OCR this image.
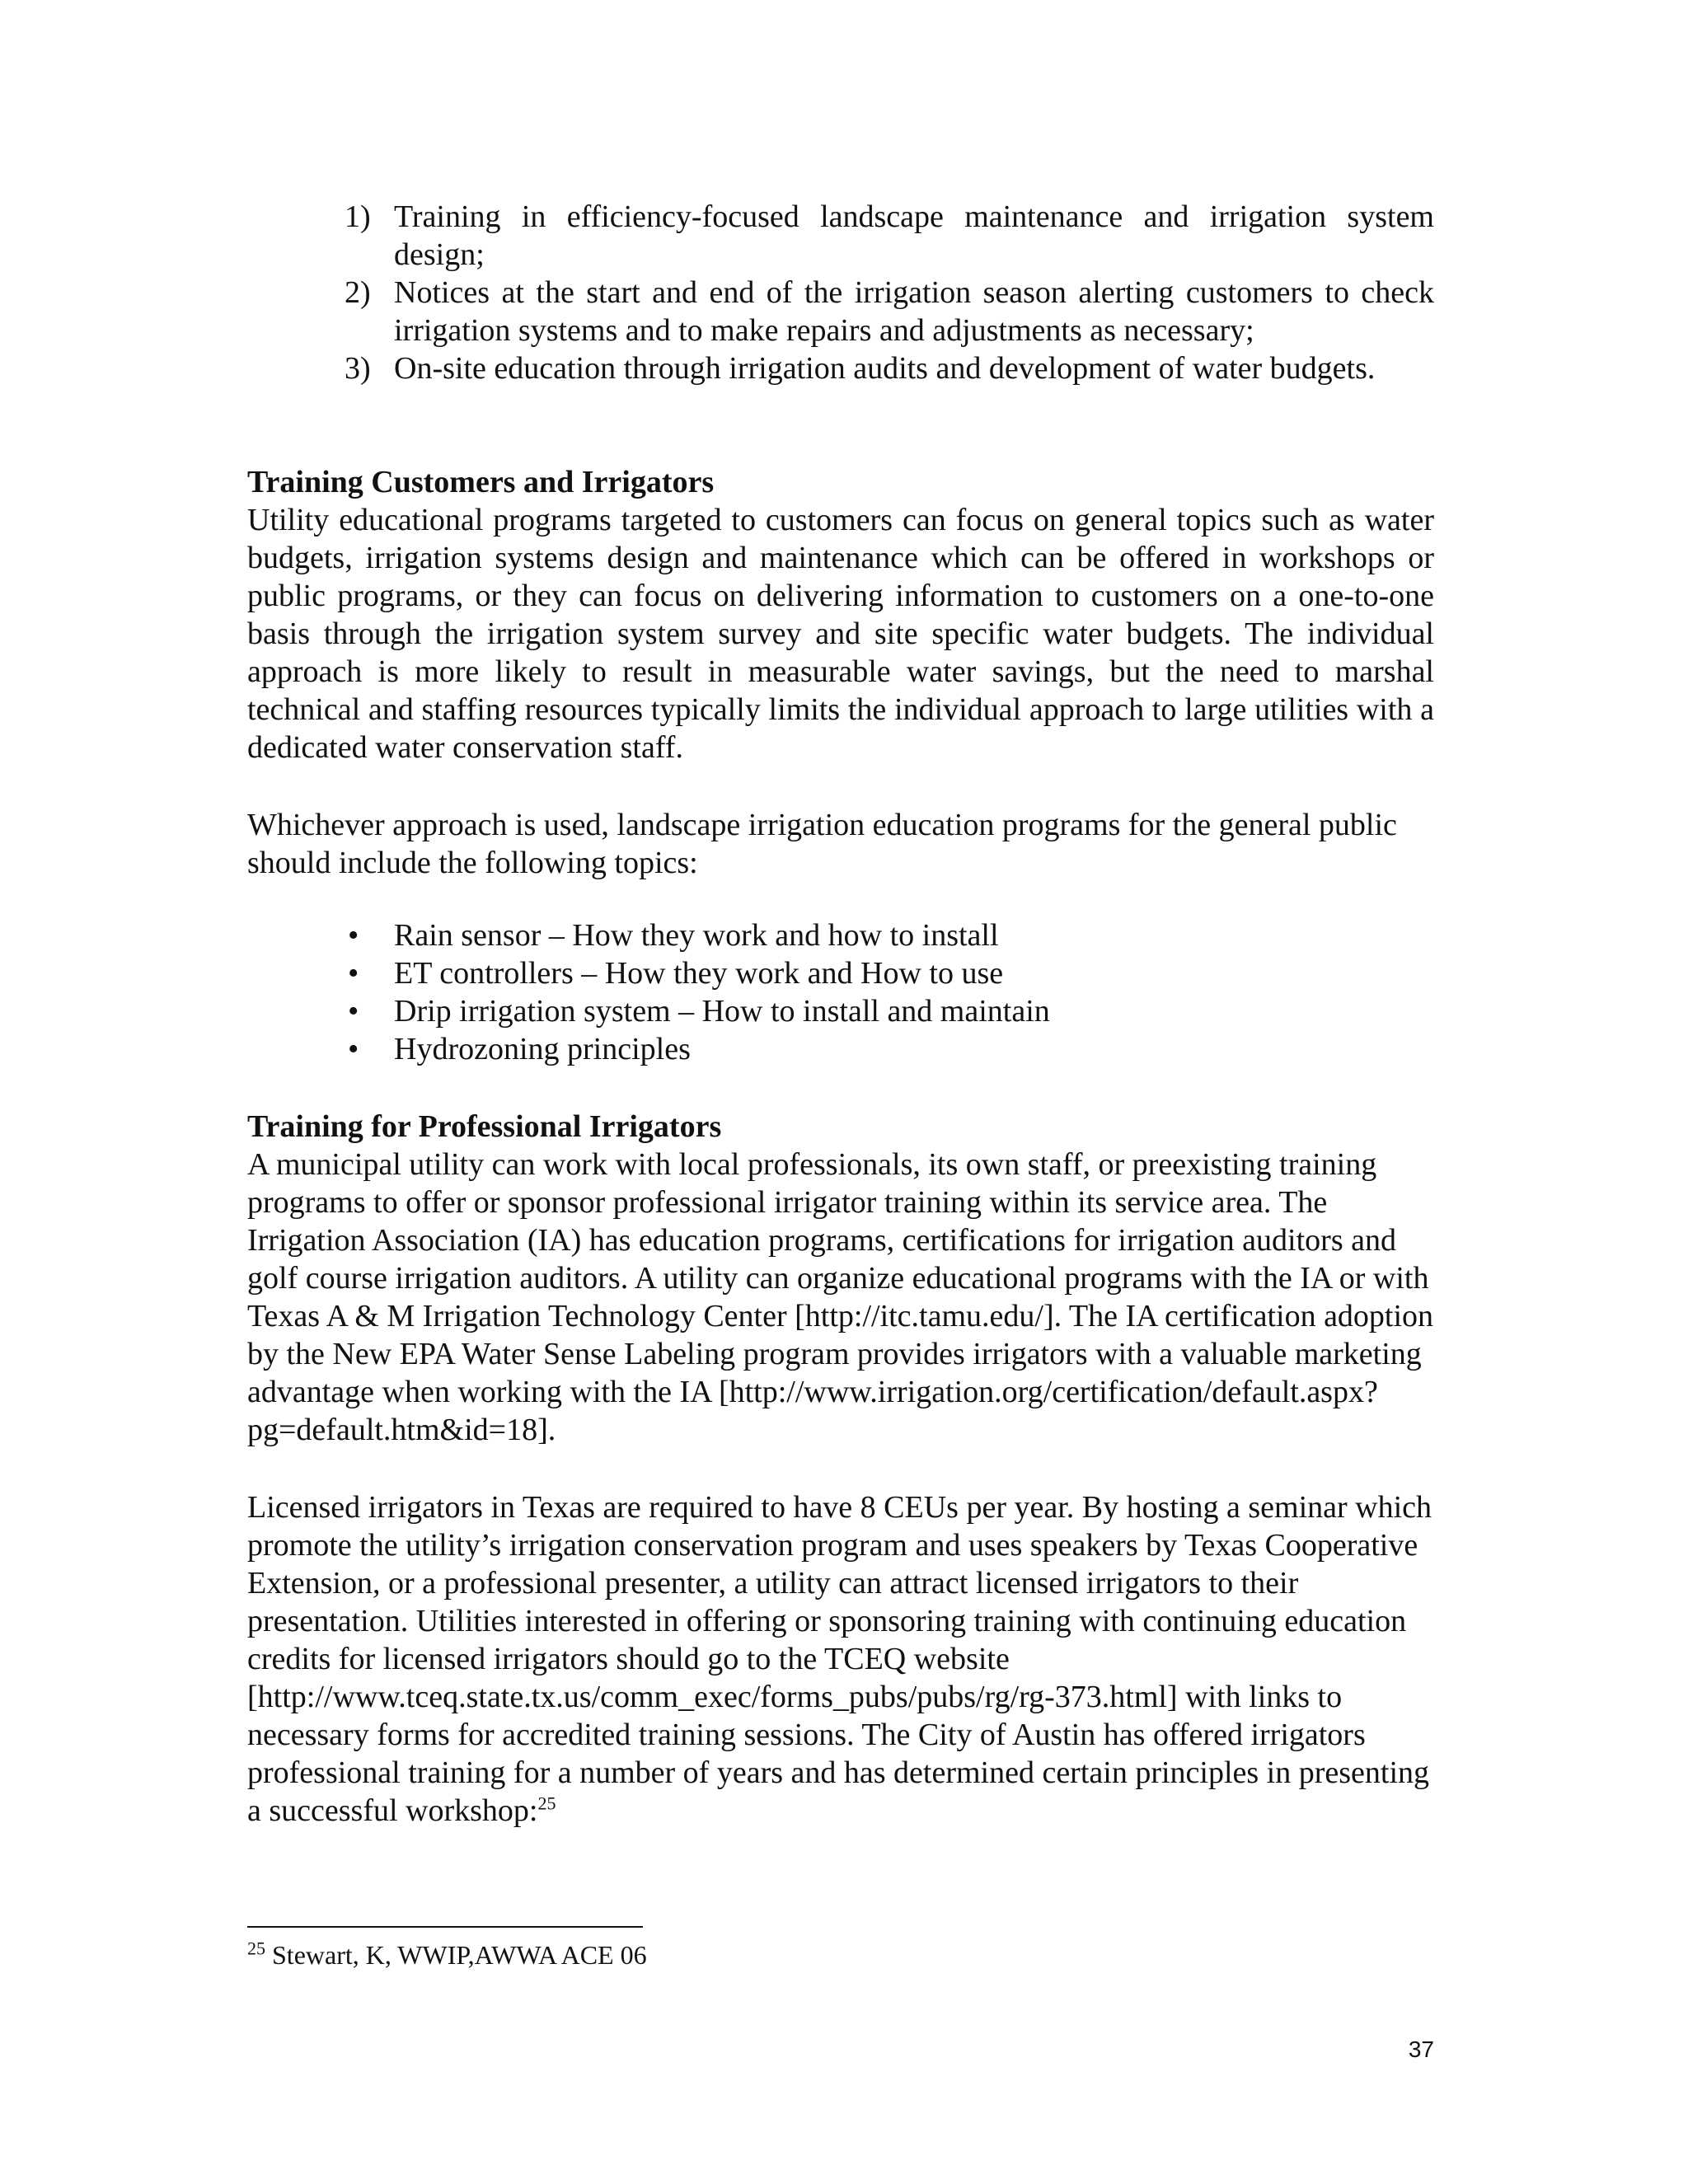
1) Training in efficiency-focused landscape maintenance and irrigation system design;
2) Notices at the start and end of the irrigation season alerting customers to check irrigation systems and to make repairs and adjustments as necessary;
3) On-site education through irrigation audits and development of water budgets.
Training Customers and Irrigators
Utility educational programs targeted to customers can focus on general topics such as water budgets, irrigation systems design and maintenance which can be offered in workshops or public programs, or they can focus on delivering information to customers on a one-to-one basis through the irrigation system survey and site specific water budgets. The individual approach is more likely to result in measurable water savings, but the need to marshal technical and staffing resources typically limits the individual approach to large utilities with a dedicated water conservation staff.
Whichever approach is used, landscape irrigation education programs for the general public should include the following topics:
• Rain sensor – How they work and how to install
• ET controllers – How they work and How to use
• Drip irrigation system – How to install and maintain
• Hydrozoning principles
Training for Professional Irrigators
A municipal utility can work with local professionals, its own staff, or preexisting training programs to offer or sponsor professional irrigator training within its service area. The Irrigation Association (IA) has education programs, certifications for irrigation auditors and golf course irrigation auditors. A utility can organize educational programs with the IA or with Texas A & M Irrigation Technology Center [http://itc.tamu.edu/]. The IA certification adoption by the New EPA Water Sense Labeling program provides irrigators with a valuable marketing advantage when working with the IA [http://www.irrigation.org/certification/default.aspx?pg=default.htm&id=18].
Licensed irrigators in Texas are required to have 8 CEUs per year. By hosting a seminar which promote the utility’s irrigation conservation program and uses speakers by Texas Cooperative Extension, or a professional presenter, a utility can attract licensed irrigators to their presentation. Utilities interested in offering or sponsoring training with continuing education credits for licensed irrigators should go to the TCEQ website [http://www.tceq.state.tx.us/comm_exec/forms_pubs/pubs/rg/rg-373.html] with links to necessary forms for accredited training sessions. The City of Austin has offered irrigators professional training for a number of years and has determined certain principles in presenting a successful workshop:$^{25}$
$^{25}$ Stewart, K, WWIP,AWWA ACE 06
37
